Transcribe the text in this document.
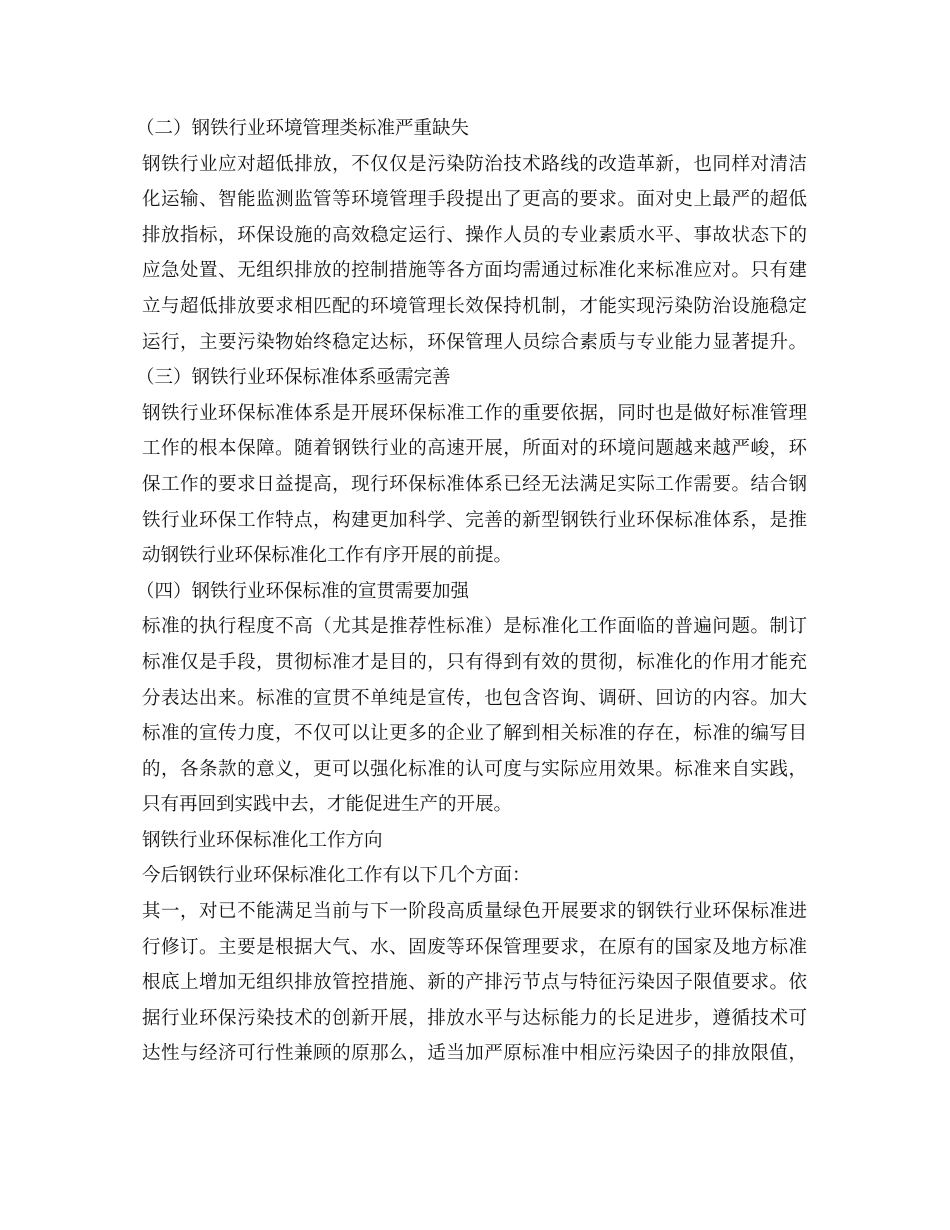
（二）钢铁行业环境管理类标准严重缺失
钢铁行业应对超低排放，不仅仅是污染防治技术路线的改造革新，也同样对清洁
化运输、智能监测监管等环境管理手段提出了更高的要求。面对史上最严的超低
排放指标，环保设施的高效稳定运行、操作人员的专业素质水平、事故状态下的
应急处置、无组织排放的控制措施等各方面均需通过标准化来标准应对。只有建
立与超低排放要求相匹配的环境管理长效保持机制，才能实现污染防治设施稳定
运行，主要污染物始终稳定达标，环保管理人员综合素质与专业能力显著提升。
（三）钢铁行业环保标准体系亟需完善
钢铁行业环保标准体系是开展环保标准工作的重要依据，同时也是做好标准管理
工作的根本保障。随着钢铁行业的高速开展，所面对的环境问题越来越严峻，环
保工作的要求日益提高，现行环保标准体系已经无法满足实际工作需要。结合钢
铁行业环保工作特点，构建更加科学、完善的新型钢铁行业环保标准体系，是推
动钢铁行业环保标准化工作有序开展的前提。
（四）钢铁行业环保标准的宣贯需要加强
标准的执行程度不高（尤其是推荐性标准）是标准化工作面临的普遍问题。制订
标准仅是手段，贯彻标准才是目的，只有得到有效的贯彻，标准化的作用才能充
分表达出来。标准的宣贯不单纯是宣传，也包含咨询、调研、回访的内容。加大
标准的宣传力度，不仅可以让更多的企业了解到相关标准的存在，标准的编写目
的，各条款的意义，更可以强化标准的认可度与实际应用效果。标准来自实践，
只有再回到实践中去，才能促进生产的开展。
钢铁行业环保标准化工作方向
今后钢铁行业环保标准化工作有以下几个方面：
其一，对已不能满足当前与下一阶段高质量绿色开展要求的钢铁行业环保标准进
行修订。主要是根据大气、水、固废等环保管理要求，在原有的国家及地方标准
根底上增加无组织排放管控措施、新的产排污节点与特征污染因子限值要求。依
据行业环保污染技术的创新开展，排放水平与达标能力的长足进步，遵循技术可
达性与经济可行性兼顾的原那么，适当加严原标准中相应污染因子的排放限值，
